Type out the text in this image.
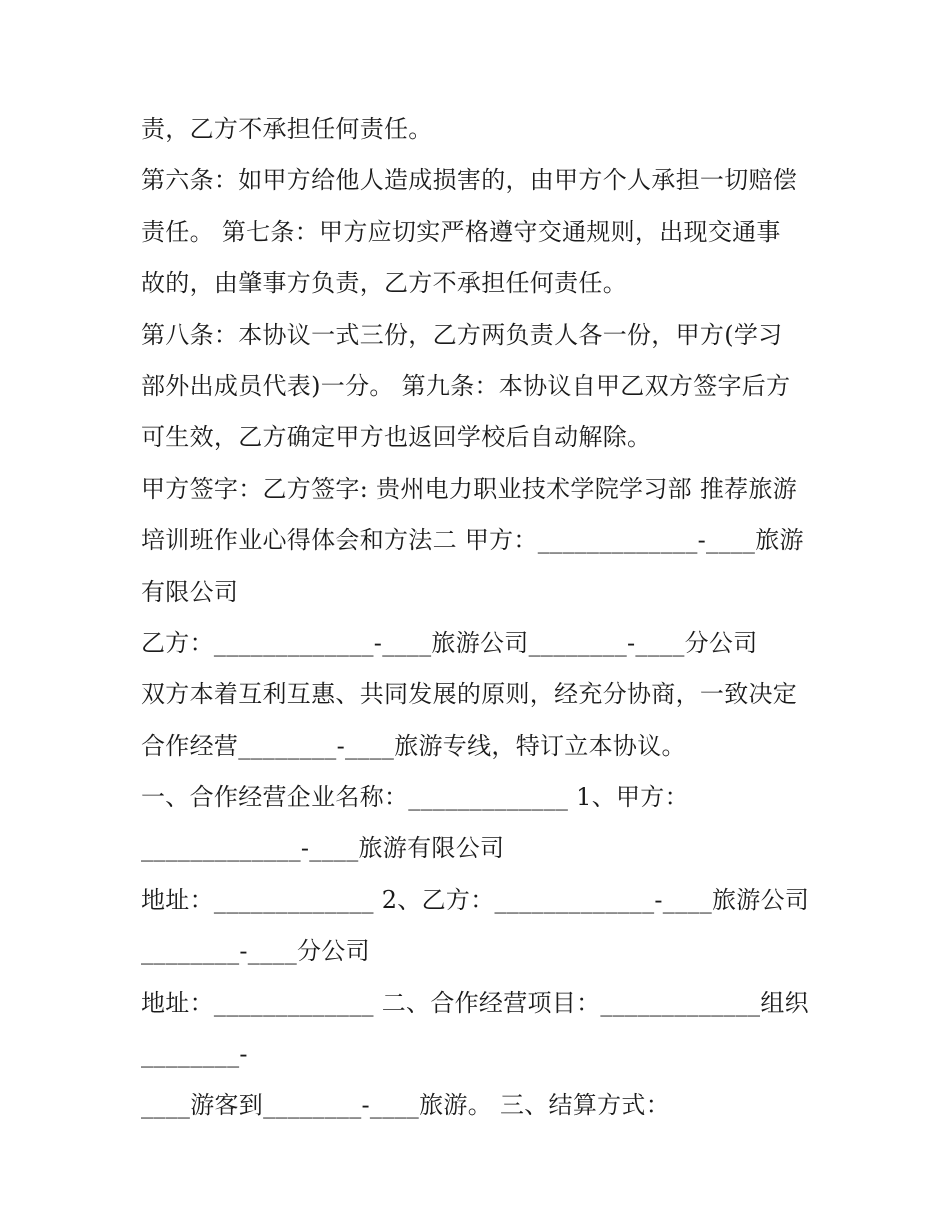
责，乙方不承担任何责任。
第六条：如甲方给他人造成损害的，由甲方个人承担一切赔偿
责任。 第七条：甲方应切实严格遵守交通规则，出现交通事
故的，由肇事方负责，乙方不承担任何责任。
第八条：本协议一式三份，乙方两负责人各一份，甲方(学习
部外出成员代表)一分。 第九条：本协议自甲乙双方签字后方
可生效，乙方确定甲方也返回学校后自动解除。
甲方签字：乙方签字: 贵州电力职业技术学院学习部 推荐旅游
培训班作业心得体会和方法二 甲方：_____________-____旅游
有限公司
乙方：_____________-____旅游公司________-____分公司
双方本着互利互惠、共同发展的原则，经充分协商，一致决定
合作经营________-____旅游专线，特订立本协议。
一、合作经营企业名称：_____________ 1、甲方：
_____________-____旅游有限公司
地址：_____________ 2、乙方：_____________-____旅游公司
________-____分公司
地址：_____________ 二、合作经营项目：_____________组织
________-
____游客到________-____旅游。 三、结算方式：
